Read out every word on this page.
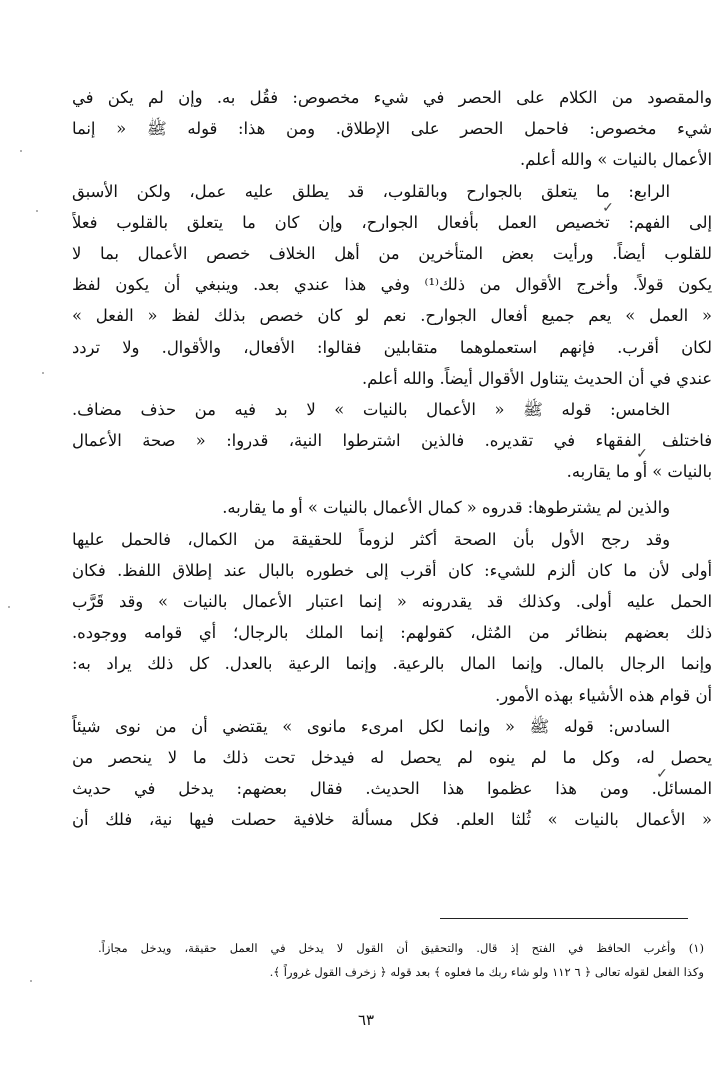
والمقصود من الكلام على الحصر في شيء مخصوص: فقُل به. وإن لم يكن في
شيء مخصوص: فاحمل الحصر على الإطلاق. ومن هذا: قوله ﷺ « إنما
الأعمال بالنيات » والله أعلم.
الرابع: ما يتعلق بالجوارح وبالقلوب، قد يطلق عليه عمل، ولكن الأسبق
إلى الفهم: تخصيص العمل بأفعال الجوارح، وإن كان ما يتعلق بالقلوب فعلاً
للقلوب أيضاً. ورأيت بعض المتأخرين من أهل الخلاف خصص الأعمال بما لا
يكون قولاً. وأخرج الأقوال من ذلك⁽¹⁾ وفي هذا عندي بعد. وينبغي أن يكون لفظ
« العمل » يعم جميع أفعال الجوارح. نعم لو كان خصص بذلك لفظ « الفعل »
لكان أقرب. فإنهم استعملوهما متقابلين فقالوا: الأفعال، والأقوال. ولا تردد
عندي في أن الحديث يتناول الأقوال أيضاً. والله أعلم.
الخامس: قوله ﷺ « الأعمال بالنيات » لا بد فيه من حذف مضاف.
فاختلف الفقهاء في تقديره. فالذين اشترطوا النية، قدروا: « صحة الأعمال
بالنيات » أو ما يقاربه.
والذين لم يشترطوها: قدروه « كمال الأعمال بالنيات » أو ما يقاربه.
وقد رجح الأول بأن الصحة أكثر لزوماً للحقيقة من الكمال، فالحمل عليها
أولى لأن ما كان ألزم للشيء: كان أقرب إلى خطوره بالبال عند إطلاق اللفظ. فكان
الحمل عليه أولى. وكذلك قد يقدرونه « إنما اعتبار الأعمال بالنيات » وقد قَرَّب
ذلك بعضهم بنظائر من المُثل، كقولهم: إنما الملك بالرجال؛ أي قوامه ووجوده.
وإنما الرجال بالمال. وإنما المال بالرعية. وإنما الرعية بالعدل. كل ذلك يراد به:
أن قوام هذه الأشياء بهذه الأمور.
السادس: قوله ﷺ « وإنما لكل امرىء مانوى » يقتضي أن من نوى شيئاً
يحصل له، وكل ما لم ينوه لم يحصل له فيدخل تحت ذلك ما لا ينحصر من
المسائل. ومن هذا عظموا هذا الحديث. فقال بعضهم: يدخل في حديث
« الأعمال بالنيات » ثُلثا العلم. فكل مسألة خلافية حصلت فيها نية، فلك أن
✓
✓
✓
(١) وأغرب الحافظ في الفتح إذ قال. والتحقيق أن القول لا يدخل في العمل حقيقة، ويدخل مجازاً.
وكذا الفعل لقوله تعالى ﴿ ٦ ١١٢ ولو شاء ربك ما فعلوه ﴾ بعد قوله ﴿ زخرف القول غروراً ﴾.
٦٣
